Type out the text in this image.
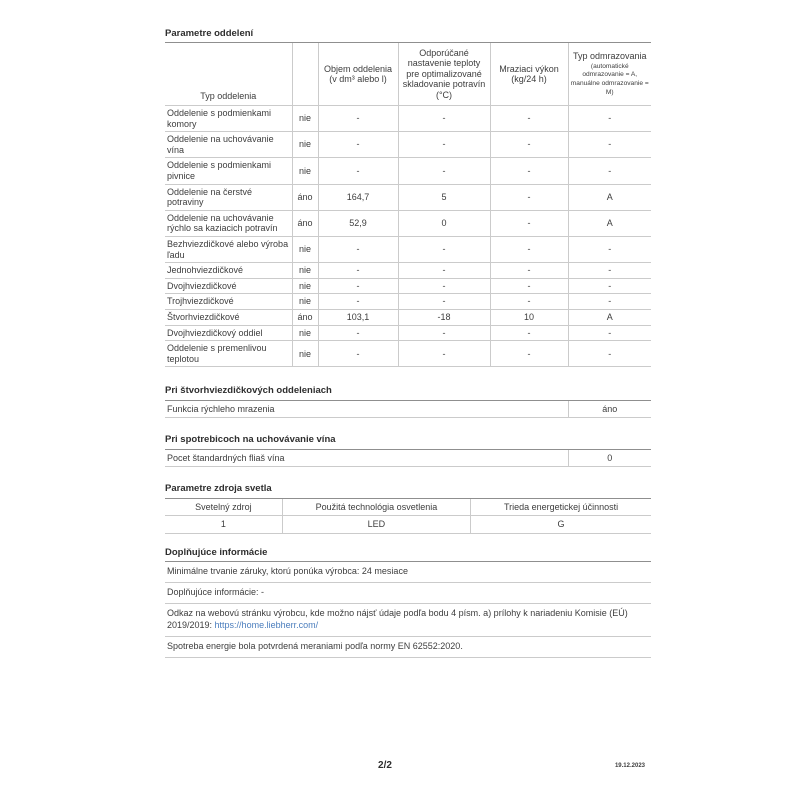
Parametre oddelení
Typ oddelenia		Objem oddelenia (v dm³ alebo l)	Odporúčané nastavenie teploty pre optimalizované skladovanie potravín (°C)	Mraziaci výkon (kg/24 h)	Typ odmrazovania
(automatické odmrazovanie = A, manuálne odmrazovanie = M)

Oddelenie s podmienkami komory	nie	-	-	-	-
Oddelenie na uchovávanie vína	nie	-	-	-	-
Oddelenie s podmienkami pivnice	nie	-	-	-	-
Oddelenie na čerstvé potraviny	áno	164,7	5	-	A
Oddelenie na uchovávanie rýchlo sa kaziacich potravín	áno	52,9	0	-	A
Bezhviezdičkové alebo výroba ľadu	nie	-	-	-	-
Jednohviezdičkové	nie	-	-	-	-
Dvojhviezdičkové	nie	-	-	-	-
Trojhviezdičkové	nie	-	-	-	-
Štvorhviezdičkové	áno	103,1	-18	10	A
Dvojhviezdičkový oddiel	nie	-	-	-	-
Oddelenie s premenlivou teplotou	nie	-	-	-	-
Pri štvorhviezdičkových oddeleniach
Funkcia rýchleho mrazenia	áno
Pri spotrebicoch na uchovávanie vína
Pocet štandardných fliaš vína	0
Parametre zdroja svetla
Svetelný zdroj	Použitá technológia osvetlenia	Trieda energetickej účinnosti
1	LED	G
Doplňujúce informácie
Minimálne trvanie záruky, ktorú ponúka výrobca: 24 mesiace
Doplňujúce informácie: -
Odkaz na webovú stránku výrobcu, kde možno nájsť údaje podľa bodu 4 písm. a) prílohy k nariadeniu Komisie (EÚ) 2019/2019: https://home.liebherr.com/
Spotreba energie bola potvrdená meraniami podľa normy EN 62552:2020.
2/2	19.12.2023
